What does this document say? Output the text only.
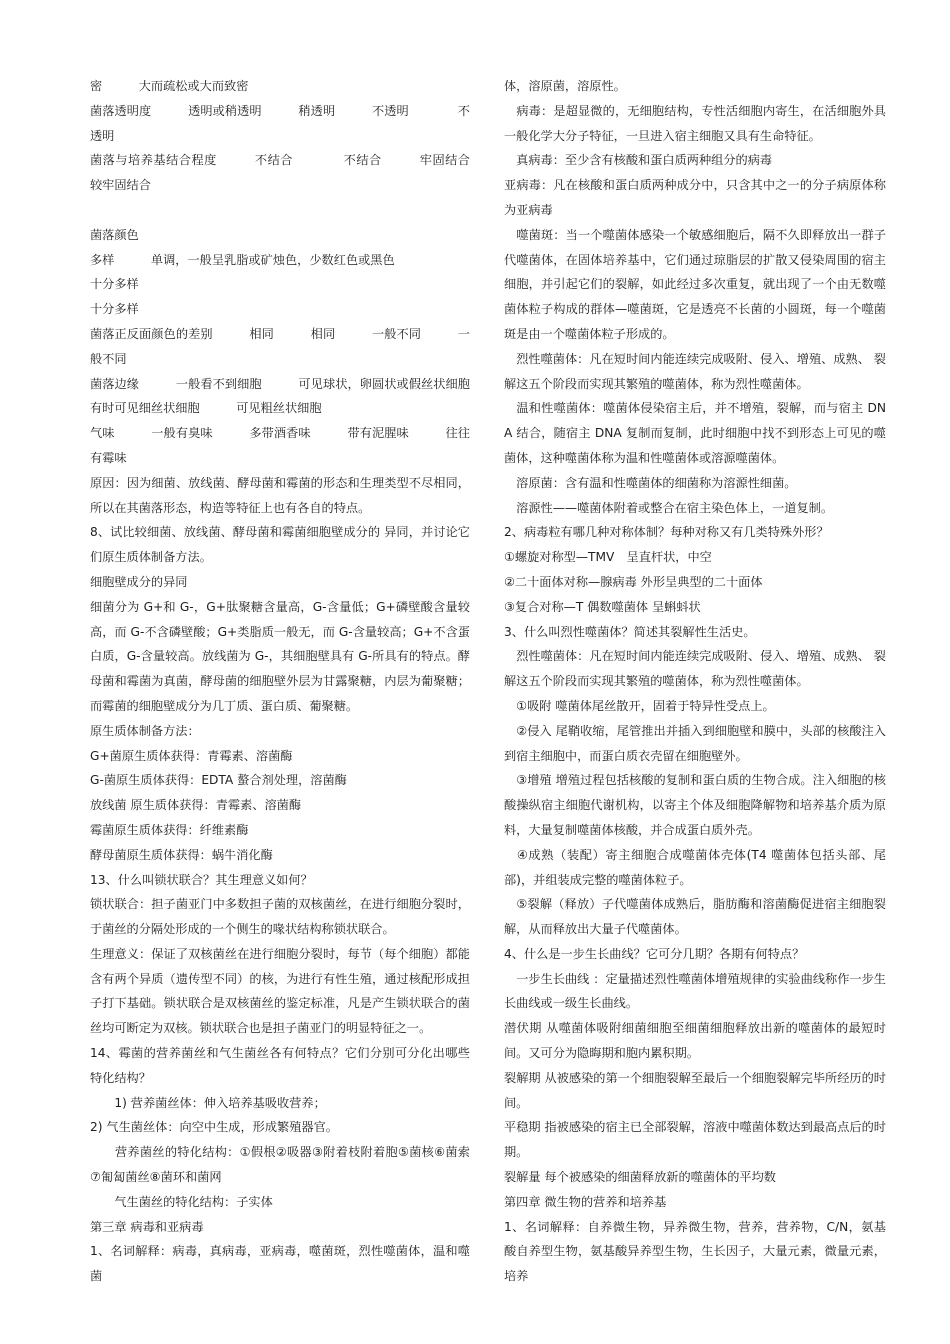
密　　　大而疏松或大而致密

菌落透明度　　　透明或稍透明　　　稍透明　　　不透明　　　　不透明

菌落与培养基结合程度　　　不结合　　　　不结合　　　牢固结合　　　较牢固结合

菌落颜色

多样　　　单调，一般呈乳脂或矿烛色，少数红色或黑色

十分多样

十分多样

菌落正反面颜色的差别　　　相同　　　相同　　　一般不同　　　一般不同

菌落边缘　　　一般看不到细胞　　　可见球状，卵圆状或假丝状细胞　　　有时可见细丝状细胞　　　可见粗丝状细胞

气味　　　一般有臭味　　　多带酒香味　　　带有泥腥味　　　往往有霉味

原因：因为细菌、放线菌、酵母菌和霉菌的形态和生理类型不尽相同，所以在其菌落形态，构造等特征上也有各自的特点。

8、试比较细菌、放线菌、酵母菌和霉菌细胞壁成分的 异同，并讨论它们原生质体制备方法。

细胞壁成分的异同

细菌分为 G+和 G-，G+肽聚糖含量高，G-含量低；G+磷壁酸含量较高，而 G-不含磷壁酸；G+类脂质一般无，而 G-含量较高；G+不含蛋白质，G-含量较高。放线菌为 G-，其细胞壁具有 G-所具有的特点。酵母菌和霉菌为真菌，酵母菌的细胞壁外层为甘露聚糖，内层为葡聚糖；而霉菌的细胞壁成分为几丁质、蛋白质、葡聚糖。

原生质体制备方法：

G+菌原生质体获得：青霉素、溶菌酶

G-菌原生质体获得：EDTA 螯合剂处理，溶菌酶

放线菌 原生质体获得：青霉素、溶菌酶

霉菌原生质体获得：纤维素酶

酵母菌原生质体获得：蜗牛消化酶

13、什么叫锁状联合？其生理意义如何？

锁状联合：担子菌亚门中多数担子菌的双核菌丝，在进行细胞分裂时，于菌丝的分隔处形成的一个侧生的喙状结构称锁状联合。

生理意义：保证了双核菌丝在进行细胞分裂时，每节（每个细胞）都能含有两个异质（遗传型不同）的核，为进行有性生殖，通过核配形成担子打下基础。锁状联合是双核菌丝的鉴定标准，凡是产生锁状联合的菌丝均可断定为双核。锁状联合也是担子菌亚门的明显特征之一。

14、霉菌的营养菌丝和气生菌丝各有何特点？它们分别可分化出哪些特化结构？

　　1) 营养菌丝体：伸入培养基吸收营养；

2) 气生菌丝体：向空中生成，形成繁殖器官。

　　营养菌丝的特化结构：①假根②吸器③附着枝附着胞⑤菌核⑥菌索⑦匍匐菌丝⑧菌环和菌网

　　气生菌丝的特化结构：子实体

第三章 病毒和亚病毒

1、名词解释：病毒，真病毒，亚病毒，噬菌斑，烈性噬菌体，温和噬菌

体，溶原菌，溶原性。

　病毒：是超显微的，无细胞结构，专性活细胞内寄生，在活细胞外具一般化学大分子特征，一旦进入宿主细胞又具有生命特征。

　真病毒：至少含有核酸和蛋白质两种组分的病毒

亚病毒：凡在核酸和蛋白质两种成分中，只含其中之一的分子病原体称为亚病毒

　噬菌斑：当一个噬菌体感染一个敏感细胞后，隔不久即释放出一群子代噬菌体，在固体培养基中，它们通过琼脂层的扩散又侵染周围的宿主细胞，并引起它们的裂解，如此经过多次重复，就出现了一个由无数噬菌体粒子构成的群体—噬菌斑，它是透亮不长菌的小圆斑，每一个噬菌斑是由一个噬菌体粒子形成的。

　烈性噬菌体：凡在短时间内能连续完成吸附、侵入、增殖、成熟、 裂解这五个阶段而实现其繁殖的噬菌体，称为烈性噬菌体。

　温和性噬菌体：噬菌体侵染宿主后，并不增殖，裂解，而与宿主 DNA 结合，随宿主 DNA 复制而复制，此时细胞中找不到形态上可见的噬菌体，这种噬菌体称为温和性噬菌体或溶源噬菌体。

　溶原菌：含有温和性噬菌体的细菌称为溶源性细菌。

　溶源性——噬菌体附着或整合在宿主染色体上，一道复制。

2、病毒粒有哪几种对称体制？每种对称又有几类特殊外形？

①螺旋对称型—TMV　呈直杆状，中空

②二十面体对称—腺病毒 外形呈典型的二十面体

③复合对称—T 偶数噬菌体 呈蝌蚪状

3、什么叫烈性噬菌体？简述其裂解性生活史。

　烈性噬菌体：凡在短时间内能连续完成吸附、侵入、增殖、成熟、 裂解这五个阶段而实现其繁殖的噬菌体，称为烈性噬菌体。

　①吸附 噬菌体尾丝散开，固着于特异性受点上。

　②侵入 尾鞘收缩，尾管推出并插入到细胞壁和膜中，头部的核酸注入到宿主细胞中，而蛋白质衣壳留在细胞壁外。

　③增殖 增殖过程包括核酸的复制和蛋白质的生物合成。注入细胞的核酸操纵宿主细胞代谢机构，以寄主个体及细胞降解物和培养基介质为原料，大量复制噬菌体核酸，并合成蛋白质外壳。

　④成熟（装配）寄主细胞合成噬菌体壳体(T4 噬菌体包括头部、尾部)，并组装成完整的噬菌体粒子。

　⑤裂解（释放）子代噬菌体成熟后，脂肪酶和溶菌酶促进宿主细胞裂解，从而释放出大量子代噬菌体。

4、什么是一步生长曲线？它可分几期？各期有何特点？

　一步生长曲线 ：定量描述烈性噬菌体增殖规律的实验曲线称作一步生长曲线或一级生长曲线。

潜伏期 从噬菌体吸附细菌细胞至细菌细胞释放出新的噬菌体的最短时间。又可分为隐晦期和胞内累积期。

裂解期 从被感染的第一个细胞裂解至最后一个细胞裂解完毕所经历的时间。

平稳期 指被感染的宿主已全部裂解，溶液中噬菌体数达到最高点后的时期。

裂解量 每个被感染的细菌释放新的噬菌体的平均数

第四章 微生物的营养和培养基

1、名词解释：自养微生物，异养微生物，营养，营养物，C/N，氨基酸自养型生物，氨基酸异养型生物，生长因子，大量元素，微量元素，培养
